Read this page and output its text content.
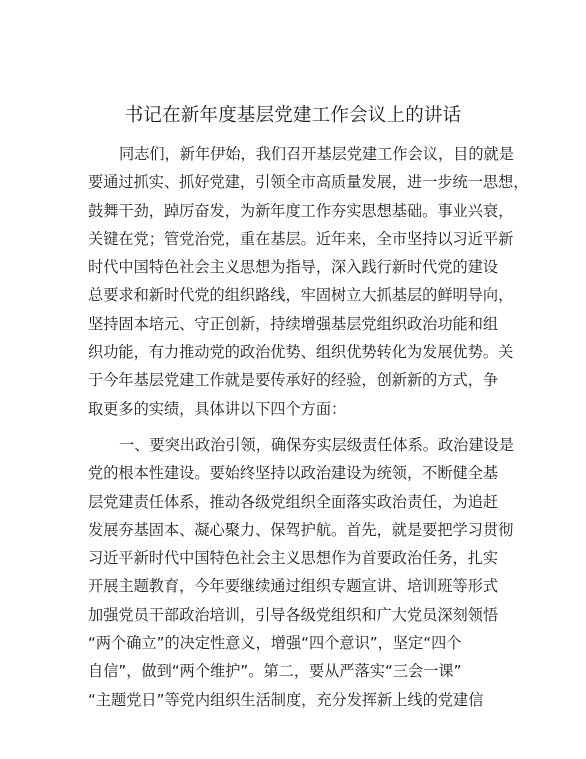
书记在新年度基层党建工作会议上的讲话
同志们，新年伊始，我们召开基层党建工作会议，目的就是
要通过抓实、抓好党建，引领全市高质量发展，进一步统一思想，
鼓舞干劲，踔厉奋发，为新年度工作夯实思想基础。事业兴衰，
关键在党；管党治党，重在基层。近年来，全市坚持以习近平新
时代中国特色社会主义思想为指导，深入践行新时代党的建设
总要求和新时代党的组织路线，牢固树立大抓基层的鲜明导向，
坚持固本培元、守正创新，持续增强基层党组织政治功能和组
织功能，有力推动党的政治优势、组织优势转化为发展优势。关
于今年基层党建工作就是要传承好的经验，创新新的方式，争
取更多的实绩，具体讲以下四个方面：
一、要突出政治引领，确保夯实层级责任体系。政治建设是
党的根本性建设。要始终坚持以政治建设为统领，不断健全基
层党建责任体系，推动各级党组织全面落实政治责任，为追赶
发展夯基固本、凝心聚力、保驾护航。首先，就是要把学习贯彻
习近平新时代中国特色社会主义思想作为首要政治任务，扎实
开展主题教育，今年要继续通过组织专题宣讲、培训班等形式
加强党员干部政治培训，引导各级党组织和广大党员深刻领悟
“两个确立”的决定性意义，增强“四个意识”，坚定“四个
自信”，做到“两个维护”。第二，要从严落实“三会一课”
“主题党日”等党内组织生活制度，充分发挥新上线的党建信
